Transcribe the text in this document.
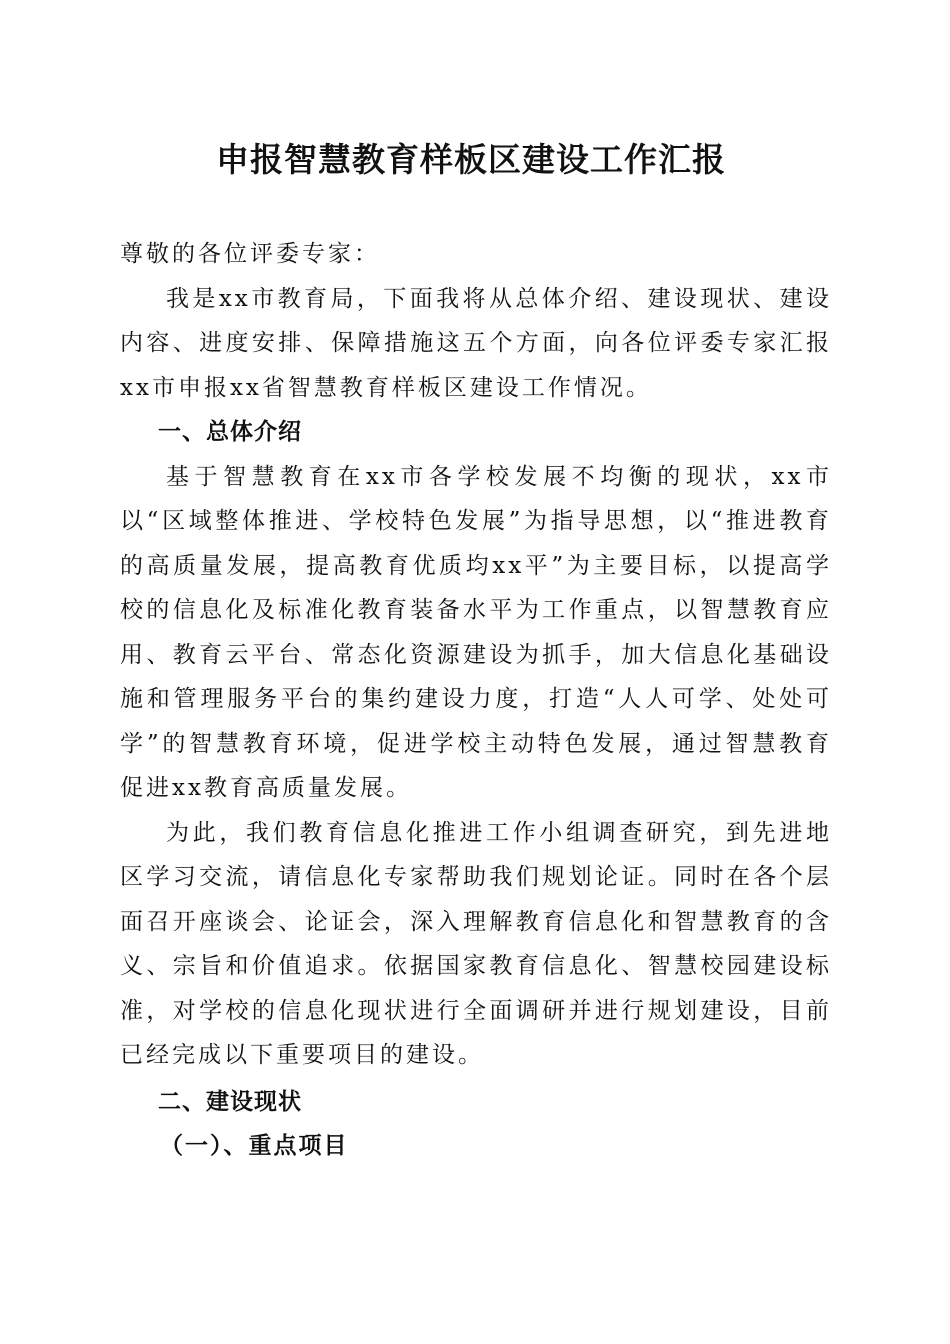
申报智慧教育样板区建设工作汇报

尊敬的各位评委专家：

我是xx市教育局，下面我将从总体介绍、建设现状、建设内容、进度安排、保障措施这五个方面，向各位评委专家汇报xx市申报xx省智慧教育样板区建设工作情况。

一、总体介绍

基于智慧教育在xx市各学校发展不均衡的现状，xx市以“区域整体推进、学校特色发展”为指导思想，以“推进教育的高质量发展，提高教育优质均xx平”为主要目标，以提高学校的信息化及标准化教育装备水平为工作重点，以智慧教育应用、教育云平台、常态化资源建设为抓手，加大信息化基础设施和管理服务平台的集约建设力度，打造“人人可学、处处可学”的智慧教育环境，促进学校主动特色发展，通过智慧教育促进xx教育高质量发展。

为此，我们教育信息化推进工作小组调查研究，到先进地区学习交流，请信息化专家帮助我们规划论证。同时在各个层面召开座谈会、论证会，深入理解教育信息化和智慧教育的含义、宗旨和价值追求。依据国家教育信息化、智慧校园建设标准，对学校的信息化现状进行全面调研并进行规划建设，目前已经完成以下重要项目的建设。

二、建设现状

（一）、重点项目
